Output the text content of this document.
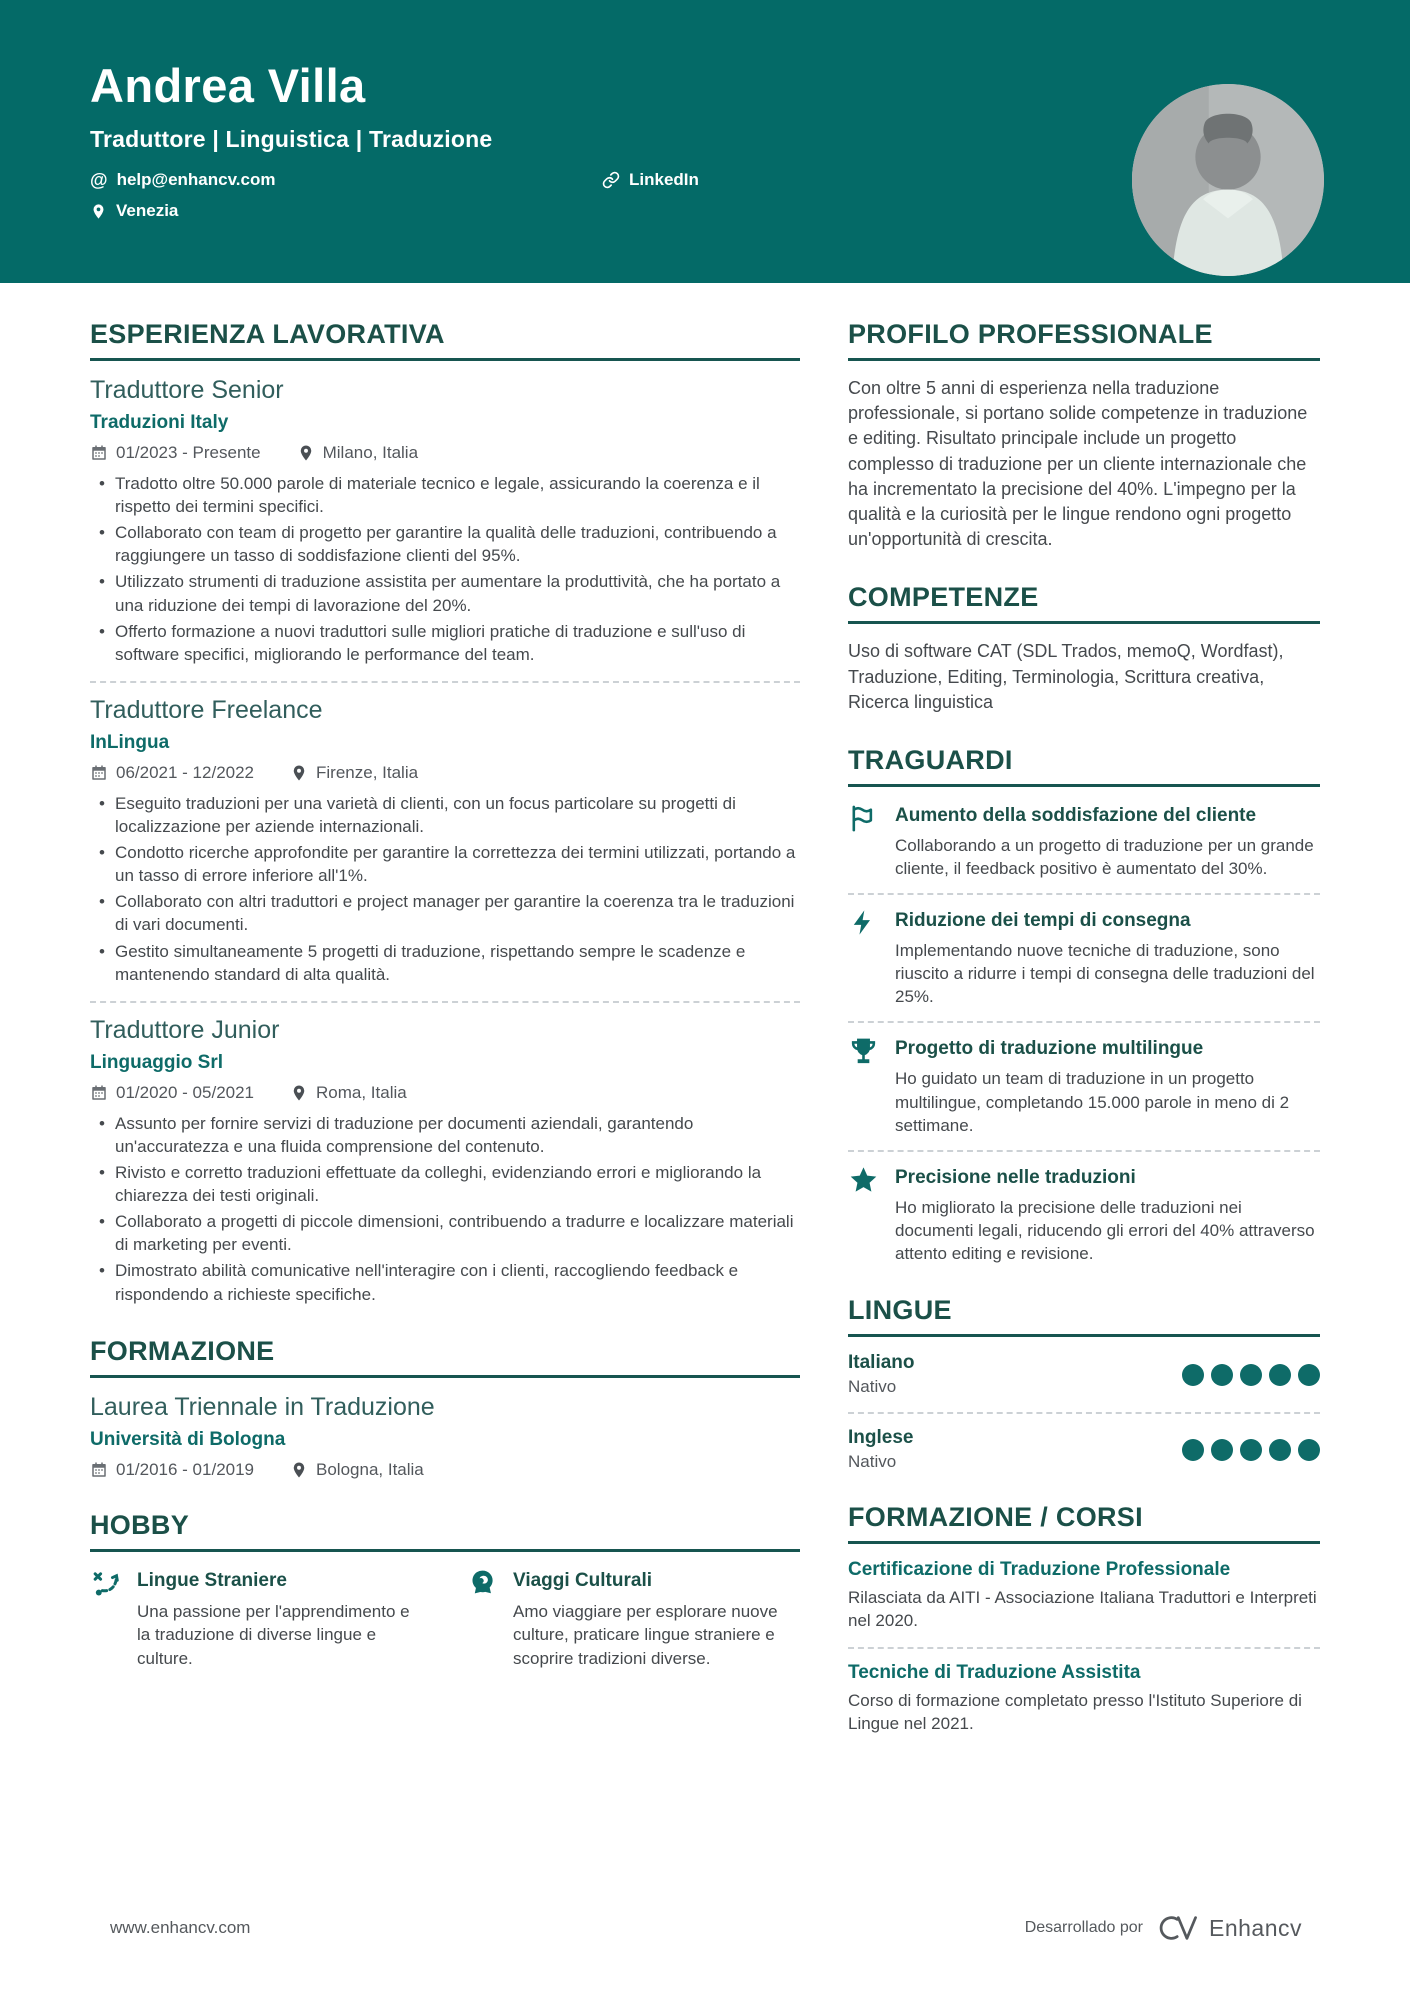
Andrea Villa
Traduttore | Linguistica | Traduzione
@ help@enhancv.com	LinkedIn
Venezia
ESPERIENZA LAVORATIVA
Traduttore Senior
Traduzioni Italy
01/2023 - Presente	Milano, Italia
• Tradotto oltre 50.000 parole di materiale tecnico e legale, assicurando la coerenza e il rispetto dei termini specifici.
• Collaborato con team di progetto per garantire la qualità delle traduzioni, contribuendo a raggiungere un tasso di soddisfazione clienti del 95%.
• Utilizzato strumenti di traduzione assistita per aumentare la produttività, che ha portato a una riduzione dei tempi di lavorazione del 20%.
• Offerto formazione a nuovi traduttori sulle migliori pratiche di traduzione e sull'uso di software specifici, migliorando le performance del team.
Traduttore Freelance
InLingua
06/2021 - 12/2022	Firenze, Italia
• Eseguito traduzioni per una varietà di clienti, con un focus particolare su progetti di localizzazione per aziende internazionali.
• Condotto ricerche approfondite per garantire la correttezza dei termini utilizzati, portando a un tasso di errore inferiore all'1%.
• Collaborato con altri traduttori e project manager per garantire la coerenza tra le traduzioni di vari documenti.
• Gestito simultaneamente 5 progetti di traduzione, rispettando sempre le scadenze e mantenendo standard di alta qualità.
Traduttore Junior
Linguaggio Srl
01/2020 - 05/2021	Roma, Italia
• Assunto per fornire servizi di traduzione per documenti aziendali, garantendo un'accuratezza e una fluida comprensione del contenuto.
• Rivisto e corretto traduzioni effettuate da colleghi, evidenziando errori e migliorando la chiarezza dei testi originali.
• Collaborato a progetti di piccole dimensioni, contribuendo a tradurre e localizzare materiali di marketing per eventi.
• Dimostrato abilità comunicative nell'interagire con i clienti, raccogliendo feedback e rispondendo a richieste specifiche.
FORMAZIONE
Laurea Triennale in Traduzione
Università di Bologna
01/2016 - 01/2019	Bologna, Italia
HOBBY
Lingue Straniere
Una passione per l'apprendimento e la traduzione di diverse lingue e culture.
Viaggi Culturali
Amo viaggiare per esplorare nuove culture, praticare lingue straniere e scoprire tradizioni diverse.
PROFILO PROFESSIONALE
Con oltre 5 anni di esperienza nella traduzione professionale, si portano solide competenze in traduzione e editing. Risultato principale include un progetto complesso di traduzione per un cliente internazionale che ha incrementato la precisione del 40%. L'impegno per la qualità e la curiosità per le lingue rendono ogni progetto un'opportunità di crescita.
COMPETENZE
Uso di software CAT (SDL Trados, memoQ, Wordfast), Traduzione, Editing, Terminologia, Scrittura creativa, Ricerca linguistica
TRAGUARDI
Aumento della soddisfazione del cliente
Collaborando a un progetto di traduzione per un grande cliente, il feedback positivo è aumentato del 30%.
Riduzione dei tempi di consegna
Implementando nuove tecniche di traduzione, sono riuscito a ridurre i tempi di consegna delle traduzioni del 25%.
Progetto di traduzione multilingue
Ho guidato un team di traduzione in un progetto multilingue, completando 15.000 parole in meno di 2 settimane.
Precisione nelle traduzioni
Ho migliorato la precisione delle traduzioni nei documenti legali, riducendo gli errori del 40% attraverso attento editing e revisione.
LINGUE
Italiano
Nativo
Inglese
Nativo
FORMAZIONE / CORSI
Certificazione di Traduzione Professionale
Rilasciata da AITI - Associazione Italiana Traduttori e Interpreti nel 2020.
Tecniche di Traduzione Assistita
Corso di formazione completato presso l'Istituto Superiore di Lingue nel 2021.
www.enhancv.com	Desarrollado por	Enhancv
